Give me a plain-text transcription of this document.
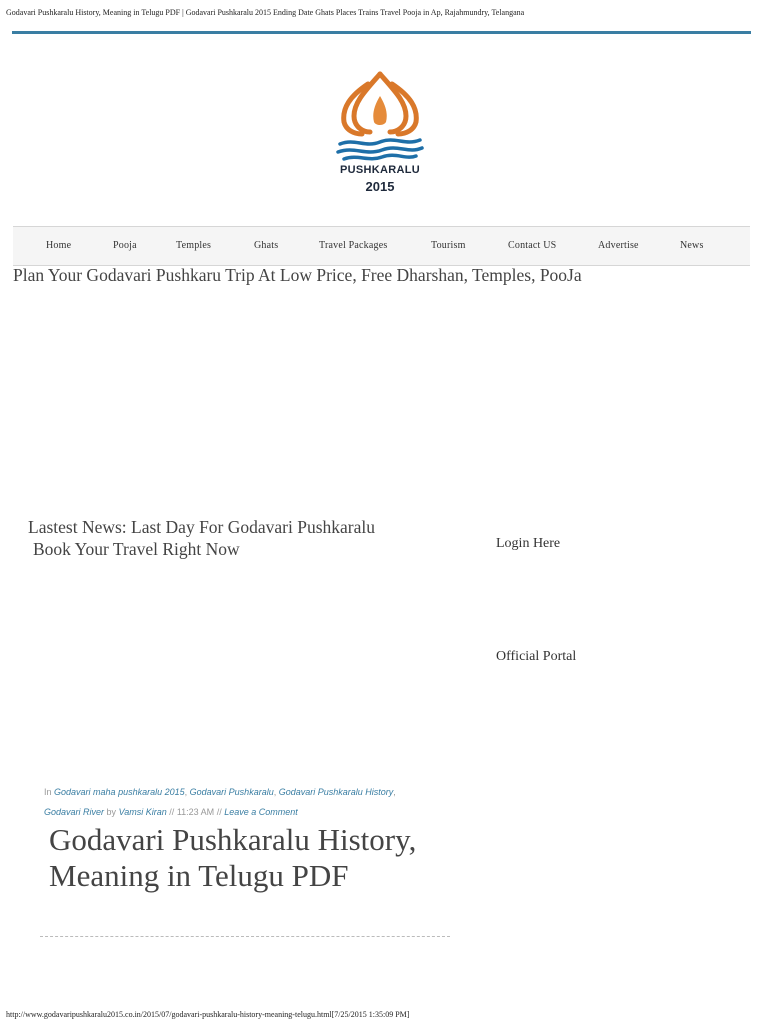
Godavari Pushkaralu History, Meaning in Telugu PDF | Godavari Pushkaralu 2015 Ending Date Ghats Places Trains Travel Pooja in Ap, Rajahmundry, Telangana
PUSHKARALU
2015
Home	Pooja	Temples	Ghats	Travel Packages	Tourism	Contact US	Advertise	News
Plan Your Godavari Pushkaru Trip At Low Price, Free Dharshan, Temples, PooJa
Lastest News: Last Day For Godavari Pushkaralu
Book Your Travel Right Now	Login Here
Official Portal
In Godavari maha pushkaralu 2015, Godavari Pushkaralu, Godavari Pushkaralu History,
Godavari River by Vamsi Kiran // 11:23 AM // Leave a Comment
Godavari Pushkaralu History, Meaning in Telugu PDF
http://www.godavaripushkaralu2015.co.in/2015/07/godavari-pushkaralu-history-meaning-telugu.html[7/25/2015 1:35:09 PM]
